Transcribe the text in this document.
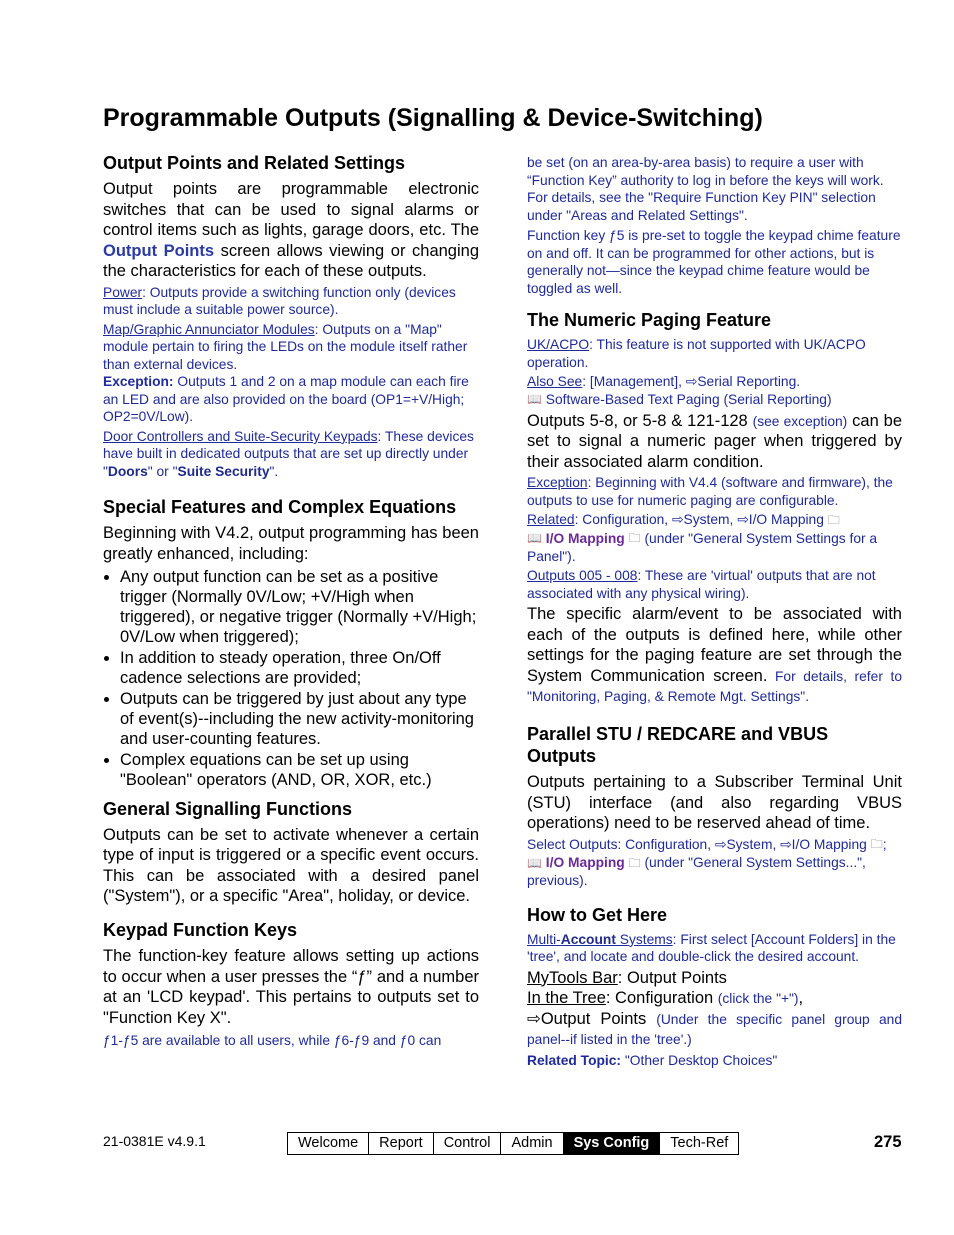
Programmable Outputs (Signalling & Device-Switching)
Output Points and Related Settings

Output points are programmable electronic switches that can be used to signal alarms or control items such as lights, garage doors, etc. The Output Points screen allows viewing or changing the characteristics for each of these outputs.

Power: Outputs provide a switching function only (devices must include a suitable power source).

Map/Graphic Annunciator Modules: Outputs on a "Map" module pertain to firing the LEDs on the module itself rather than external devices.

Exception: Outputs 1 and 2 on a map module can each fire an LED and are also provided on the board (OP1=+V/High; OP2=0V/Low).

Door Controllers and Suite-Security Keypads: These devices have built in dedicated outputs that are set up directly under "Doors" or "Suite Security".

Special Features and Complex Equations

Beginning with V4.2, output programming has been greatly enhanced, including:

• Any output function can be set as a positive trigger (Normally 0V/Low; +V/High when triggered), or negative trigger (Normally +V/High; 0V/Low when triggered);
• In addition to steady operation, three On/Off cadence selections are provided;
• Outputs can be triggered by just about any type of event(s)--including the new activity-monitoring and user-counting features.
• Complex equations can be set up using "Boolean" operators (AND, OR, XOR, etc.)
General Signalling Functions

Outputs can be set to activate whenever a certain type of input is triggered or a specific event occurs. This can be associated with a desired panel ("System"), or a specific "Area", holiday, or device.

Keypad Function Keys

The function-key feature allows setting up actions to occur when a user presses the “ƒ” and a number at an 'LCD keypad'. This pertains to outputs set to "Function Key X".

ƒ1-ƒ5 are available to all users, while ƒ6-ƒ9 and ƒ0 can

be set (on an area-by-area basis) to require a user with “Function Key” authority to log in before the keys will work. For details, see the "Require Function Key PIN" selection under "Areas and Related Settings".

Function key ƒ5 is pre-set to toggle the keypad chime feature on and off. It can be programmed for other actions, but is generally not—since the keypad chime feature would be toggled as well.

The Numeric Paging Feature

UK/ACPO: This feature is not supported with UK/ACPO operation.

Also See: [Management], ⇨Serial Reporting.

📖 Software-Based Text Paging (Serial Reporting)

Outputs 5-8, or 5-8 & 121-128 (see exception) can be set to signal a numeric pager when triggered by their associated alarm condition.

Exception: Beginning with V4.4 (software and firmware), the outputs to use for numeric paging are configurable.

Related: Configuration, ⇨System, ⇨I/O Mapping 🗀
📖 I/O Mapping 🗀 (under "General System Settings for a Panel").

Outputs 005 - 008: These are 'virtual' outputs that are not associated with any physical wiring).

The specific alarm/event to be associated with each of the outputs is defined here, while other settings for the paging feature are set through the System Communication screen. For details, refer to "Monitoring, Paging, & Remote Mgt. Settings".

Parallel STU / REDCARE and VBUS Outputs

Outputs pertaining to a Subscriber Terminal Unit (STU) interface (and also regarding VBUS operations) need to be reserved ahead of time.

Select Outputs: Configuration, ⇨System, ⇨I/O Mapping 🗀; 📖 I/O Mapping 🗀 (under "General System Settings...", previous).

How to Get Here

Multi-Account Systems: First select [Account Folders] in the 'tree', and locate and double-click the desired account.

MyTools Bar: Output Points

In the Tree: Configuration (click the "+"),

⇨Output Points (Under the specific panel group and panel--if listed in the 'tree'.)

Related Topic: "Other Desktop Choices"

21-0381E v4.9.1	Welcome	Report	Control	Admin	Sys Config	Tech-Ref	275
